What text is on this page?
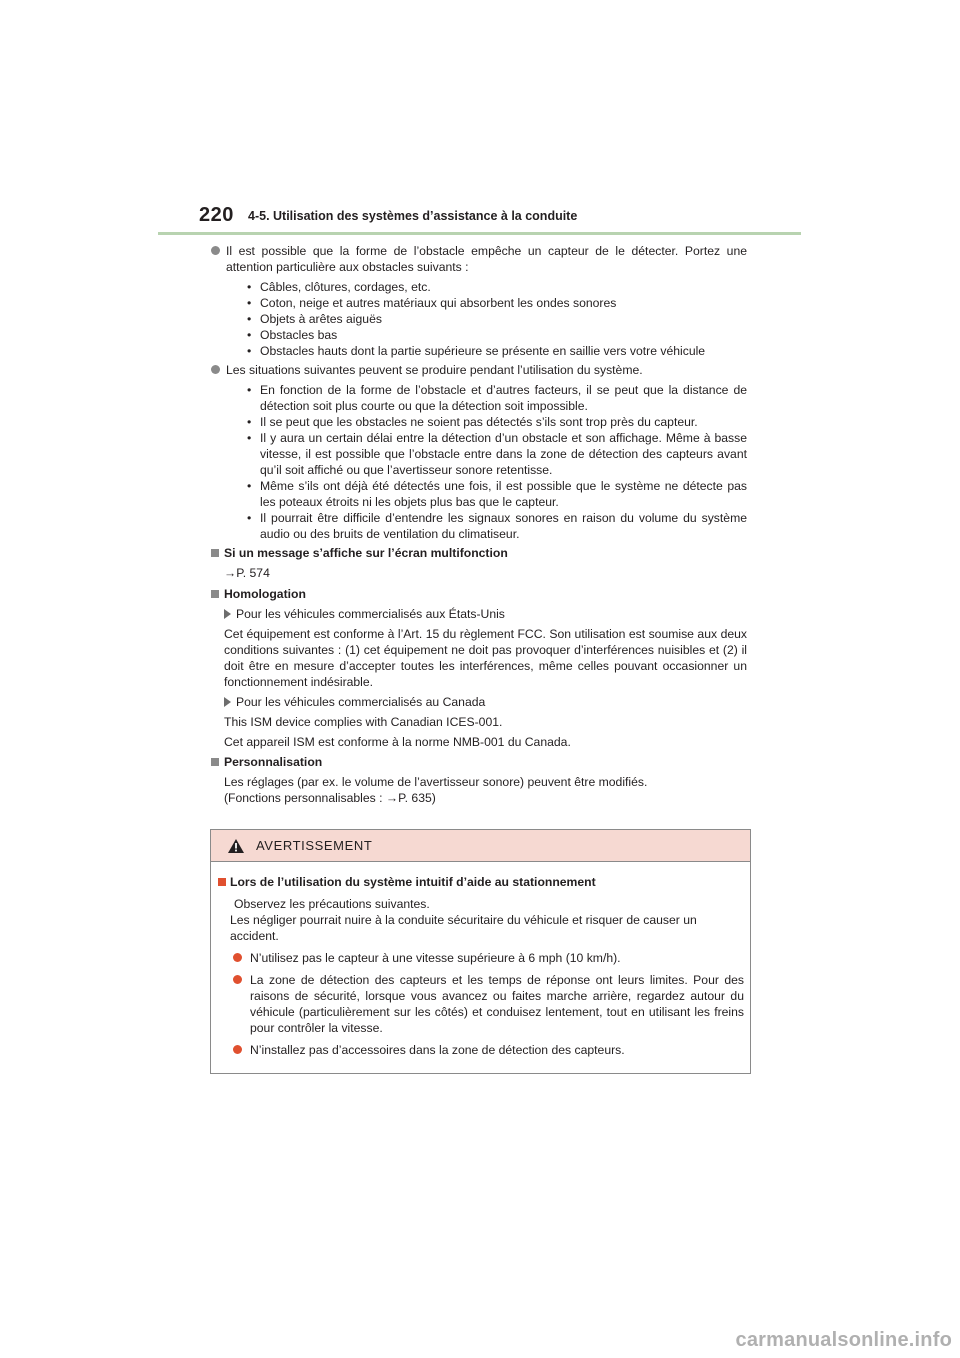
220 4-5. Utilisation des systèmes d’assistance à la conduite
Il est possible que la forme de l’obstacle empêche un capteur de le détecter. Portez une attention particulière aux obstacles suivants :
• Câbles, clôtures, cordages, etc.
• Coton, neige et autres matériaux qui absorbent les ondes sonores
• Objets à arêtes aiguës
• Obstacles bas
• Obstacles hauts dont la partie supérieure se présente en saillie vers votre véhicule
Les situations suivantes peuvent se produire pendant l’utilisation du système.
• En fonction de la forme de l’obstacle et d’autres facteurs, il se peut que la distance de détection soit plus courte ou que la détection soit impossible.
• Il se peut que les obstacles ne soient pas détectés s’ils sont trop près du capteur.
• Il y aura un certain délai entre la détection d’un obstacle et son affichage. Même à basse vitesse, il est possible que l’obstacle entre dans la zone de détection des capteurs avant qu’il soit affiché ou que l’avertisseur sonore retentisse.
• Même s’ils ont déjà été détectés une fois, il est possible que le système ne détecte pas les poteaux étroits ni les objets plus bas que le capteur.
• Il pourrait être difficile d’entendre les signaux sonores en raison du volume du système audio ou des bruits de ventilation du climatiseur.
Si un message s’affiche sur l’écran multifonction
→P. 574
Homologation
Pour les véhicules commercialisés aux États-Unis
Cet équipement est conforme à l’Art. 15 du règlement FCC. Son utilisation est soumise aux deux conditions suivantes : (1) cet équipement ne doit pas provoquer d’interférences nuisibles et (2) il doit être en mesure d’accepter toutes les interférences, même celles pouvant occasionner un fonctionnement indésirable.
Pour les véhicules commercialisés au Canada
This ISM device complies with Canadian ICES-001.
Cet appareil ISM est conforme à la norme NMB-001 du Canada.
Personnalisation
Les réglages (par ex. le volume de l’avertisseur sonore) peuvent être modifiés.
(Fonctions personnalisables : →P. 635)
AVERTISSEMENT
Lors de l’utilisation du système intuitif d’aide au stationnement
Observez les précautions suivantes.
Les négliger pourrait nuire à la conduite sécuritaire du véhicule et risquer de causer un accident.
N’utilisez pas le capteur à une vitesse supérieure à 6 mph (10 km/h).
La zone de détection des capteurs et les temps de réponse ont leurs limites. Pour des raisons de sécurité, lorsque vous avancez ou faites marche arrière, regardez autour du véhicule (particulièrement sur les côtés) et conduisez lentement, tout en utilisant les freins pour contrôler la vitesse.
N’installez pas d’accessoires dans la zone de détection des capteurs.
carmanualsonline.info
